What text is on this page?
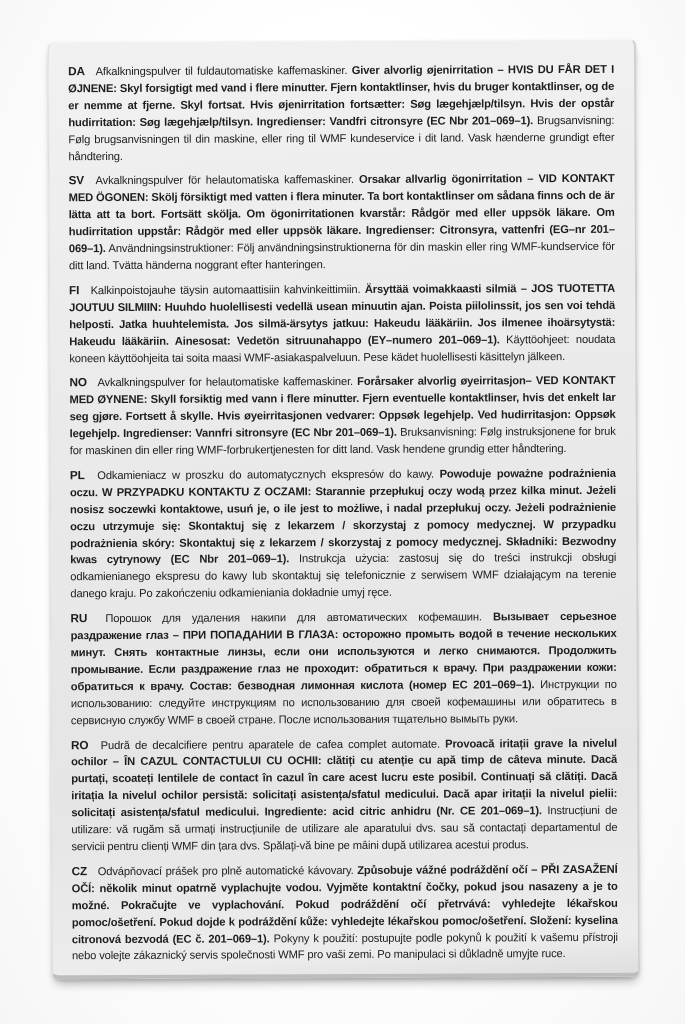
DA Afkalkningspulver til fuldautomatiske kaffemaskiner. Giver alvorlig øjenirritation – HVIS DU FÅR DET I ØJNENE: Skyl forsigtigt med vand i flere minutter. Fjern kontaktlinser, hvis du bruger kontaktlinser, og de er nemme at fjerne. Skyl fortsat. Hvis øjenirritation fortsætter: Søg lægehjælp/tilsyn. Hvis der opstår hudirritation: Søg lægehjælp/tilsyn. Ingredienser: Vandfri citronsyre (EC Nbr 201–069–1). Brugsanvisning: Følg brugsanvisningen til din maskine, eller ring til WMF kundeservice i dit land. Vask hænderne grundigt efter håndtering.

SV Avkalkningspulver för helautomatiska kaffemaskiner. Orsakar allvarlig ögonirritation – VID KONTAKT MED ÖGONEN: Skölj försiktigt med vatten i flera minuter. Ta bort kontaktlinser om sådana finns och de är lätta att ta bort. Fortsätt skölja. Om ögonirritationen kvarstår: Rådgör med eller uppsök läkare. Om hudirritation uppstår: Rådgör med eller uppsök läkare. Ingredienser: Citronsyra, vattenfri (EG–nr 201–069–1). Användningsinstruktioner: Följ användningsinstruktionerna för din maskin eller ring WMF-kundservice för ditt land. Tvätta händerna noggrant efter hanteringen.

FI Kalkinpoistojauhe täysin automaattisiin kahvinkeittimiin. Ärsyttää voimakkaasti silmiä – JOS TUOTETTA JOUTUU SILMIIN: Huuhdo huolellisesti vedellä usean minuutin ajan. Poista piilolinssit, jos sen voi tehdä helposti. Jatka huuhtelemista. Jos silmä-ärsytys jatkuu: Hakeudu lääkäriin. Jos ilmenee ihoärsytystä: Hakeudu lääkäriin. Ainesosat: Vedetön sitruunahappo (EY–numero 201–069–1). Käyttöohjeet: noudata koneen käyttöohjeita tai soita maasi WMF-asiakaspalveluun. Pese kädet huolellisesti käsittelyn jälkeen.

NO Avkalkningspulver for helautomatiske kaffemaskiner. Forårsaker alvorlig øyeirritasjon– VED KONTAKT MED ØYNENE: Skyll forsiktig med vann i flere minutter. Fjern eventuelle kontaktlinser, hvis det enkelt lar seg gjøre. Fortsett å skylle. Hvis øyeirritasjonen vedvarer: Oppsøk legehjelp. Ved hudirritasjon: Oppsøk legehjelp. Ingredienser: Vannfri sitronsyre (EC Nbr 201–069–1). Bruksanvisning: Følg instruksjonene for bruk for maskinen din eller ring WMF-forbrukertjenesten for ditt land. Vask hendene grundig etter håndtering.

PL Odkamieniacz w proszku do automatycznych ekspresów do kawy. Powoduje poważne podrażnienia oczu. W PRZYPADKU KONTAKTU Z OCZAMI: Starannie przepłukuj oczy wodą przez kilka minut. Jeżeli nosisz soczewki kontaktowe, usuń je, o ile jest to możliwe, i nadal przepłukuj oczy. Jeżeli podrażnienie oczu utrzymuje się: Skontaktuj się z lekarzem / skorzystaj z pomocy medycznej. W przypadku podrażnienia skóry: Skontaktuj się z lekarzem / skorzystaj z pomocy medycznej. Składniki: Bezwodny kwas cytrynowy (EC Nbr 201–069–1). Instrukcja użycia: zastosuj się do treści instrukcji obsługi odkamienianego ekspresu do kawy lub skontaktuj się telefonicznie z serwisem WMF działającym na terenie danego kraju. Po zakończeniu odkamieniania dokładnie umyj ręce.

RU Порошок для удаления накипи для автоматических кофемашин. Вызывает серьезное раздражение глаз – ПРИ ПОПАДАНИИ В ГЛАЗА: осторожно промыть водой в течение нескольких минут. Снять контактные линзы, если они используются и легко снимаются. Продолжить промывание. Если раздражение глаз не проходит: обратиться к врачу. При раздражении кожи: обратиться к врачу. Состав: безводная лимонная кислота (номер ЕС 201–069–1). Инструкции по использованию: следуйте инструкциям по использованию для своей кофемашины или обратитесь в сервисную службу WMF в своей стране. После использования тщательно вымыть руки.

RO Pudră de decalcifiere pentru aparatele de cafea complet automate. Provoacă iritații grave la nivelul ochilor – ÎN CAZUL CONTACTULUI CU OCHII: clătiți cu atenție cu apă timp de câteva minute. Dacă purtați, scoateți lentilele de contact în cazul în care acest lucru este posibil. Continuați să clătiți. Dacă iritația la nivelul ochilor persistă: solicitați asistența/sfatul medicului. Dacă apar iritații la nivelul pielii: solicitați asistența/sfatul medicului. Ingrediente: acid citric anhidru (Nr. CE 201–069–1). Instrucțiuni de utilizare: vă rugăm să urmați instrucțiunile de utilizare ale aparatului dvs. sau să contactați departamentul de servicii pentru clienți WMF din țara dvs. Spălați-vă bine pe mâini după utilizarea acestui produs.

CZ Odvápňovací prášek pro plně automatické kávovary. Způsobuje vážné podráždění očí – PŘI ZASAŽENÍ OČÍ: několik minut opatrně vyplachujte vodou. Vyjměte kontaktní čočky, pokud jsou nasazeny a je to možné. Pokračujte ve vyplachování. Pokud podráždění očí přetrvává: vyhledejte lékařskou pomoc/ošetření. Pokud dojde k podráždění kůže: vyhledejte lékařskou pomoc/ošetření. Složení: kyselina citronová bezvodá (EC č. 201–069–1). Pokyny k použití: postupujte podle pokynů k použití k vašemu přístroji nebo volejte zákaznický servis společnosti WMF pro vaši zemi. Po manipulaci si důkladně umyjte ruce.
